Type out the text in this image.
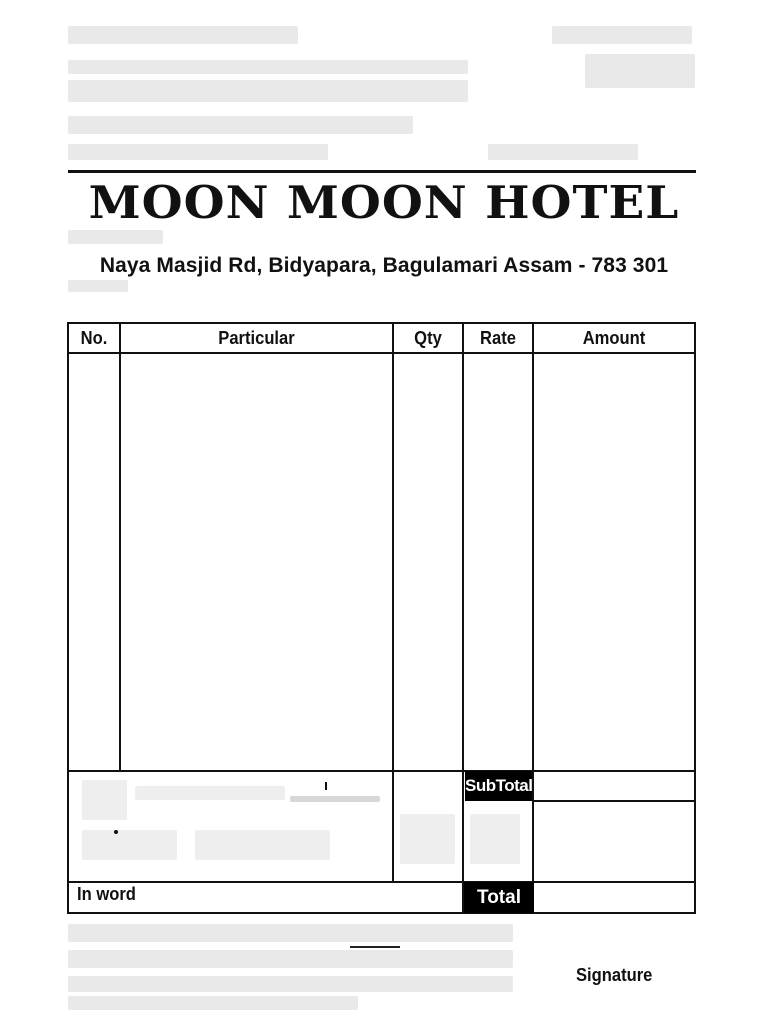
MOON MOON HOTEL
Naya Masjid Rd, Bidyapara, Bagulamari Assam - 783 301
No.	Particular	Qty	Rate	Amount
SubTotal
Total
In word
Signature
